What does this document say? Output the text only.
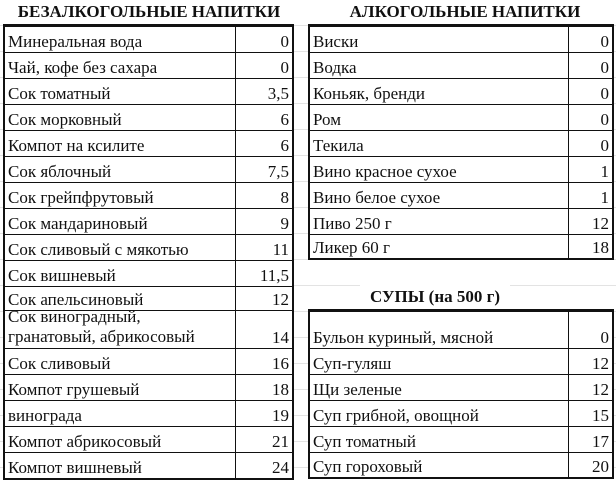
БЕЗАЛКОГОЛЬНЫЕ НАПИТКИ
Минеральная вода	0
Чай, кофе без сахара	0
Сок томатный	3,5
Сок морковный	6
Компот на ксилите	6
Сок яблочный	7,5
Сок грейпфрутовый	8
Сок мандариновый	9
Сок сливовый с мякотью	11
Сок вишневый	11,5
Сок апельсиновый	12
Сок виноградный,
гранатовый, абрикосовый	14
Сок сливовый	16
Компот грушевый	18
винограда	19
Компот абрикосовый	21
Компот вишневый	24
АЛКОГОЛЬНЫЕ НАПИТКИ
Виски	0
Водка	0
Коньяк, бренди	0
Ром	0
Текила	0
Вино красное сухое	1
Вино белое сухое	1
Пиво 250 г	12
Ликер 60 г	18
СУПЫ (на 500 г)
Бульон куриный, мясной	0
Суп-гуляш	12
Щи зеленые	12
Суп грибной, овощной	15
Суп томатный	17
Суп гороховый	20
